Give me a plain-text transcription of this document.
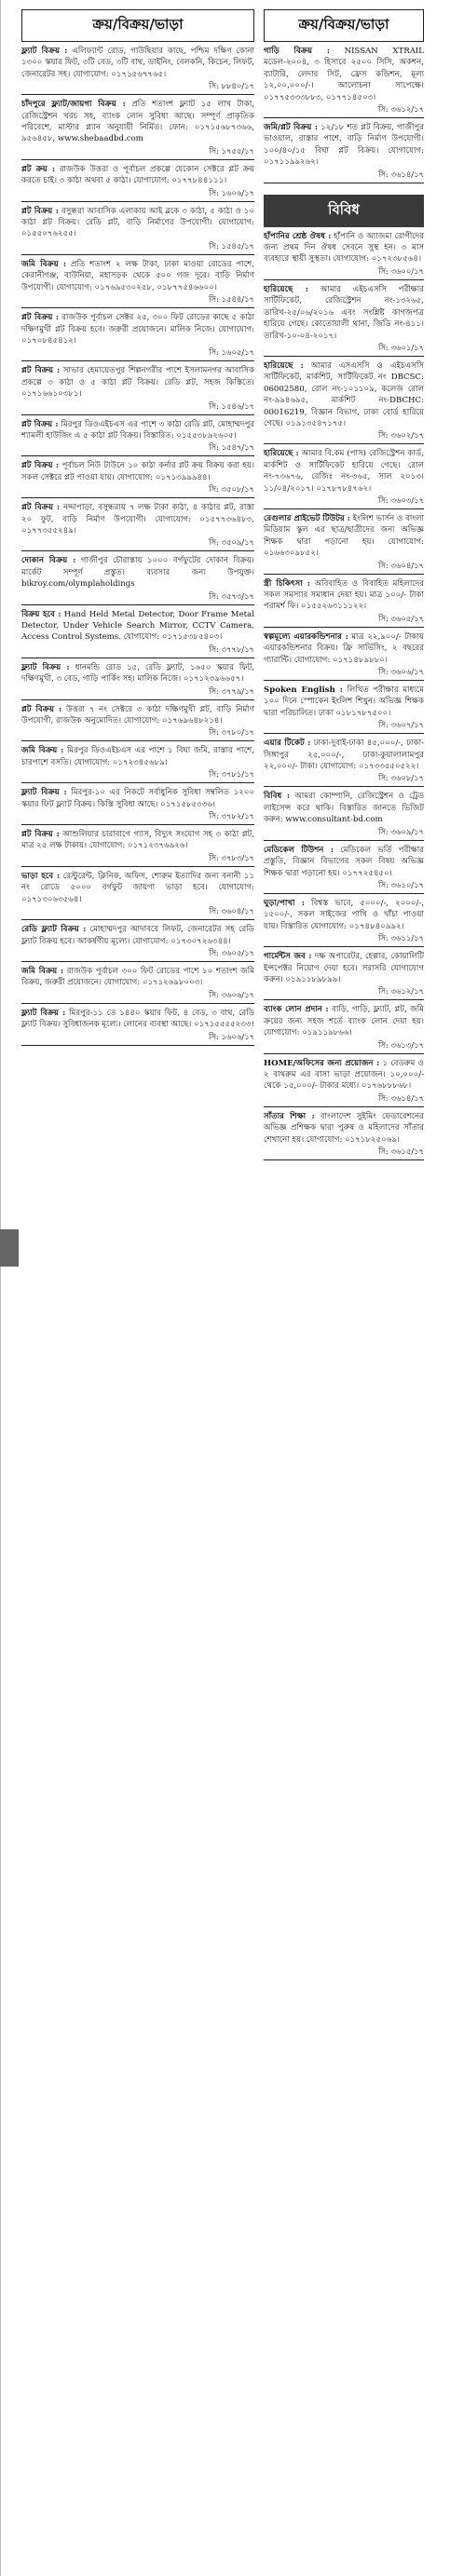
ক্রয়/বিক্রয়/ভাড়া
ফ্ল্যাট বিক্রয় : এলিফ্যান্ট রোড, গাউছিয়ার কাছে, পশ্চিম দক্ষিণ কোনা ১৩০০ স্কয়ার ফিট, ৩টি বেড, ৩টি বাথ, ডাইনিং, বেলকনি, কিচেন, লিফট, জেনারেটর সহ। যোগাযোগ: ০১৭১৫৬৭৭৬৫।
সি: ৮৮৪০/১৭
চাঁদপুরে ফ্ল্যাট/জায়গা বিক্রয় : প্রতি শতাংশ ফ্ল্যাট ১৫ লাখ টাকা, রেজিস্ট্রেশন খরচ সহ, ব্যাংক লোন সুবিধা আছে। সম্পূর্ণ প্রাকৃতিক পরিবেশে, মাস্টার প্ল্যান অনুযায়ী নির্মিত। ফোন: ০১৭১৫৬৮৭৩৬৬, ৯৫৬৪৫৮, www.shebaadbd.com
সি: ১৭৫৫/১৭
প্লট ক্রয় : রাজউক উত্তরা ও পূর্বাচল প্রকল্পে যেকোন সেক্টরে প্লট ক্রয় করতে চাই। ৩ কাঠা অথবা ৫ কাঠা। যোগাযোগ: ০১৭৭৮৪৪১১১।
সি: ১৬০৬/১৭
প্লট বিক্রয় : বসুন্ধরা আবাসিক এলাকায় আই ব্লকে ৩ কাঠা, ৫ কাঠা ও ১০ কাঠা প্লট বিক্রয়। রেডি প্লট, বাড়ি নির্মাণের উপযোগী। যোগাযোগ: ০১৫৫০৭৬২৫৫।
সি: ১৫৪৫/১৭
জমি বিক্রয় : প্রতি শতাংশ ২ লক্ষ টাকা, ঢাকা মাওয়া রোডের পাশে, কেরানীগঞ্জ, বাউনিয়া, মহাসড়ক থেকে ৫০০ গজ দূরে। বাড়ি নির্মাণ উপযোগী। যোগাযোগ: ০১৭৬৯৫৩০২৫৮, ০১৮৭৭৫৪৬৬০০।
সি: ১৫৪৪/১৭
প্লট বিক্রয় : রাজউক পূর্বাচল সেক্টর ২৫, ৩০০ ফিট রোডের কাছে ৫ কাঠা দক্ষিণমুখী প্লট বিক্রয় হবে। জরুরী প্রয়োজনে। মালিক নিজে। যোগাযোগ: ০১৭০৮৪৫৪১২।
সি: ১৬০৫/১৭
প্লট বিক্রয় : সাভার হেমায়েতপুর শিল্পনগরীর পাশে ইসলামনগর আবাসিক প্রকল্পে ৩ কাঠা ও ৫ কাঠা প্লট বিক্রয়। রেডি প্লট, সহজ কিস্তিতে। ০১৭১৬৬১০৩৮১।
সি: ১৫৪৬/১৭
প্লট বিক্রয় : মিরপুর ডিওএইচএস এর পাশে ৩ কাঠা রেডি প্লট, মোহাম্মদপুর শ্যামলী হাউজিং এ ৫ কাঠা প্লট বিক্রয়। বিস্তারিত: ০১৫৫৩৮৯২৬০৫।
সি: ১৫৪৭/১৭
প্লট বিক্রয় : পূর্বাচল নিউ টাউনে ১০ কাঠা কর্নার প্লট ক্রয় বিক্রয় করা হয়। সকল সেক্টরে প্লট পাওয়া যায়। যোগাযোগ: ০১৭১৩৯৯৯৪৪।
সি: ৩৫০৮/১৭
প্লট বিক্রয় : নদ্দাপাড়া, বসুন্ধরায় ৭ লক্ষ টাকা কাঠা, ৪ কাঠার প্লট, রাস্তা ২০ ফুট, বাড়ি নির্মাণ উপযোগী। যোগাযোগ: ০১৫৭৭৩৬৪৮৩, ০১৭৭৩৫৫২৪৯।
সি: ৩৫০৯/১৭
দোকান বিক্রয় : গাজীপুর চৌরাস্তায় ১০০০ বর্গফুটের দোকান বিক্রয়। মার্কেট সম্পূর্ণ প্রস্তুত। ব্যবসার জন্য উপযুক্ত। bikroy.com/olymplaholdings
সি: ৩৫৭৩/১৭
বিক্রয় হবে : Hand Held Metal Detector, Door Frame Metal Detector, Under Vehicle Search Mirror, CCTV Camera, Access Control Systems. যোগাযোগ: ০১৭১৫৩৮৫৪০৩।
সি: ৩৭৭৮/১৭
ফ্ল্যাট বিক্রয় : ধানমন্ডি রোড ১৫, রেডি ফ্ল্যাট, ১৬৫০ স্কয়ার ফিট, দক্ষিণমুখী, ৩ বেড, গাড়ি পার্কিং সহ। মালিক নিজে। ০১৭১২৩৯৬৬৫৭।
সি: ৩৭৭৯/১৭
প্লট বিক্রয় : উত্তরা ৭ নং সেক্টরে ৩ কাঠা দক্ষিণমুখী প্লট, বাড়ি নির্মাণ উপযোগী, রাজউক অনুমোদিত। যোগাযোগ: ০১৭৬৯৬৪৮২১৪।
সি: ৩৭৮০/১৭
জমি বিক্রয় : মিরপুর ডিওএইচএস এর পাশে ১ বিঘা জমি, রাস্তার পাশে, চারপাশে বসতি। যোগাযোগ: ০১৭২৩৪৫৬৮৯।
সি: ৩৭৮১/১৭
ফ্ল্যাট বিক্রয় : মিরপুর-১০ এর নিকটে সর্বাধুনিক সুবিধা সম্বলিত ১২০০ স্কয়ার ফিট ফ্ল্যাট বিক্রয়। কিস্তি সুবিধা আছে। ০১৭১৫৮৫৩৩৬।
সি: ৩৭৮২/১৭
প্লট বিক্রয় : আশুলিয়ার চারাবাগে গ্যাস, বিদ্যুৎ সংযোগ সহ ৩ কাঠা প্লট, মাত্র ২৫ লক্ষ টাকায়। যোগাযোগ: ০১৭১২৩৭৬৯২৬।
সি: ৩৭৮৩/১৭
ভাড়া হবে : রেস্টুরেন্ট, ক্লিনিক, অফিস, শোরুম ইত্যাদির জন্য বনানী ১১ নং রোডে ৫০০০ বর্গফুট জায়গা ভাড়া হবে। যোগাযোগ: ০১৭১৩০৬৩৫৬৪।
সি: ৩৬০৪/১৭
রেডি ফ্ল্যাট বিক্রয় : মোহাম্মদপুর আদাবরে লিফট, জেনারেটর সহ রেডি ফ্ল্যাট বিক্রয় হবে। আকর্ষণীয় মূল্যে। যোগাযোগ: ০১৭৩০৭২৬৩৪৪।
সি: ৩৬০৫/১৭
জমি বিক্রয় : রাজউক পূর্বাচল ৩০০ ফিট রোডের পাশে ১০ শতাংশ জমি বিক্রয়, জরুরী প্রয়োজনে। যোগাযোগ: ০১৭১২৬৯৮০০৩।
সি: ৩৬০৬/১৭
ফ্ল্যাট বিক্রয় : মিরপুর-১১ তে ১৪৪০ স্কয়ার ফিট, ৪ বেড, ৩ বাথ, রেডি ফ্ল্যাট বিক্রয়। সুবিধাজনক মূল্যে। লোনের ব্যবস্থা আছে। ০১৭১৫৫৫৫২৩৩।
সি: ১৬০৬/১৭
ক্রয়/বিক্রয়/ভাড়া
গাড়ি বিক্রয় : NISSAN XTRAIL মডেল-২০০৪, ৩ হিসাবে ২৫০০ সিসি, অকশন, ব্যাটারি, লেদার সিট, ফ্রেস কন্ডিশন, মূল্য ১২,০০,০০০/-। আলোচনা সাপেক্ষে। ০১৭৭৫৩৩৩৮৮৩, ০১৭৭১৪৫০৩।
সি: ৩৬১২/১৭
জমি/প্লট বিক্রয় : ১২/১৮ শত প্লট বিক্রয়, গাজীপুর ভাওয়াল, রাস্তার পাশে, বাড়ি নির্মাণ উপযোগী। ১০০/৪০/১৫ বিঘা প্লট বিক্রয়। যোগাযোগ: ০১৭১১৯৯২৬২।
সি: ৩৬১৪/১৭
বিবিধ
হাঁপানির শ্রেষ্ঠ ঔষধ : হাঁপানি ও অ্যাজমা রোগীদের জন্য প্রথম দিন ঔষধ সেবনে সুস্থ হন। ৩ মাস ব্যবহারে স্থায়ী সুস্থতা। যোগাযোগ: ০১৭২৩৮৫৬৪।
সি: ৩৬০০/১৭
হারিয়েছে : আমার এইচএসসি পরীক্ষার সার্টিফিকেট, রেজিস্ট্রেশন নং-১৩২৬৫, তারিখ-২৫/০৬/২০১৬ এবং সংশ্লিষ্ট কাগজপত্র হারিয়ে গেছে। কোতোয়ালী থানা, জিডি নং-৪১১। তারিখ-১০-০৪-২০১৭।
সি: ৩৬০১/১৭
হারিয়েছে : আমার এসএসসি ও এইচএসসি সার্টিফিকেট, মার্কশিট, সার্টিফিকেট নং DBCSC: 06002580, রোল নং-১০১১০৯, কলেজ রোল নং-৯৯৪৬৯৫, মার্কশিট নং-DBCHC: 00016219, বিজ্ঞান বিভাগ, ঢাকা বোর্ড হারিয়ে গেছে। ০১৯১৩৫৪৭১৭৫।
সি: ৩৬০২/১৭
হারিয়েছে : আমার বি.কম (পাস) রেজিস্ট্রেশন কার্ড, মার্কশিট ও সার্টিফিকেট হারিয়ে গেছে। রোল নং-৭৩৬৭৬, রেজিঃ নং-৩৬৫, সাল ২০১৩। ১১/০৪/২০১৭। ০১৭৮৭৮৪৭৬২।
সি: ৩৬০৩/১৭
রেগুলার প্রাইভেট টিউটর : ইংলিশ ভার্সন ও বাংলা মিডিয়াম স্কুল এর ছাত্র/ছাত্রীদের জন্য অভিজ্ঞ শিক্ষক দ্বারা পড়ানো হয়। যোগাযোগ: ০১৬৬৩০৯৮৫২।
সি: ৩৬০৪/১৭
স্ত্রী চিকিৎসা : অবিবাহিত ও বিবাহিত মহিলাদের সকল সমস্যার সমাধান দেয়া হয়। মাত্র ১০০/- টাকা পরামর্শ ফি। ০১৫৫২৬৩১১১২২।
সি: ৩৬০৫/১৭
স্বল্পমূল্যে এয়ারকন্ডিশনার : মাত্র ২২,৯০০/- টাকায় এয়ারকন্ডিশনার বিক্রয়। ফ্রি সার্ভিসিং, ২ বছরের গ্যারান্টি। যোগাযোগ: ০১৭১৪৮৯৮৮০।
সি: ৩৬০৬/১৭
Spoken English : লিখিত পরীক্ষার মাধ্যমে ১০০ দিনে স্পোকেন ইংলিশ শিখুন। অভিজ্ঞ শিক্ষক দ্বারা পরিচালিত। ঢাকা ০১৮১৭৮৭৫০০।
সি: ৩৬০৭/১৭
এয়ার টিকেট : ঢাকা-দুবাই-ঢাকা ৪৫,০০০/-, ঢাকা-সিঙ্গাপুর ২৫,০০০/-, ঢাকা-কুয়ালালামপুর ২২,০০০/- টাকা। যোগাযোগ: ০১৭৩৩৫৫০৫২২।
সি: ৩৬০৮/১৭
বিবিধ : আমরা কোম্পানি, রেজিস্ট্রেশন ও ট্রেড লাইসেন্স করে থাকি। বিস্তারিত জানতে ভিজিট করুন: www.consultant-bd.com
সি: ৩৬০৯/১৭
মেডিকেল টিউশন : মেডিকেল ভর্তি পরীক্ষার প্রস্তুতি, বিজ্ঞান বিভাগের সকল বিষয় অভিজ্ঞ শিক্ষক দ্বারা পড়ানো হয়। ০১৭৭২৫৪৫০।
সি: ৩৬১০/১৭
ঘুড়া/পাখা : বিশ্বস্ত ভাবে, ৫০০০/-, ২০০০/-, ১৫০০/-, সকল সাইজের পাখি ও খাঁচা পাওয়া যায়। বিস্তারিত যোগাযোগ: ০১৭৪৮৪০৯৯২।
সি: ৩৬১১/১৭
গার্মেন্টস জব : দক্ষ অপারেটর, হেল্পার, কোয়ালিটি ইন্সপেক্টর নিয়োগ দেয়া হবে। সরাসরি যোগাযোগ করুন। ০১৯১১৮৯৮৯৯।
সি: ৩৬১২/১৭
ব্যাংক লোন প্রদান : বাড়ি, গাড়ি, ফ্ল্যাট, প্লট, জমি ক্রয়ের জন্য সহজ শর্তে ব্যাংক লোন দেয়া হয়। যোগাযোগ: ০১৯১১৯৮৬৬।
সি: ৩৬১৩/১৭
HOME/অফিসের জন্য প্রয়োজন : ১ বেডরুম ও ২ বাথরুম এর বাসা ভাড়া প্রয়োজন। ১০,০০০/- থেকে ১৫,০০০/- টাকার মধ্যে। ০১৭৬৮৮৮৬৮।
সি: ৩৬১৪/১৭
সাঁতার শিক্ষা : বাংলাদেশ সুইমিং ফেডারেশনের অভিজ্ঞ প্রশিক্ষক দ্বারা পুরুষ ও মহিলাদের সাঁতার শেখানো হয়। যোগাযোগ: ০১৭১৮২৫০৬৯।
সি: ৩৬১৫/১৭
